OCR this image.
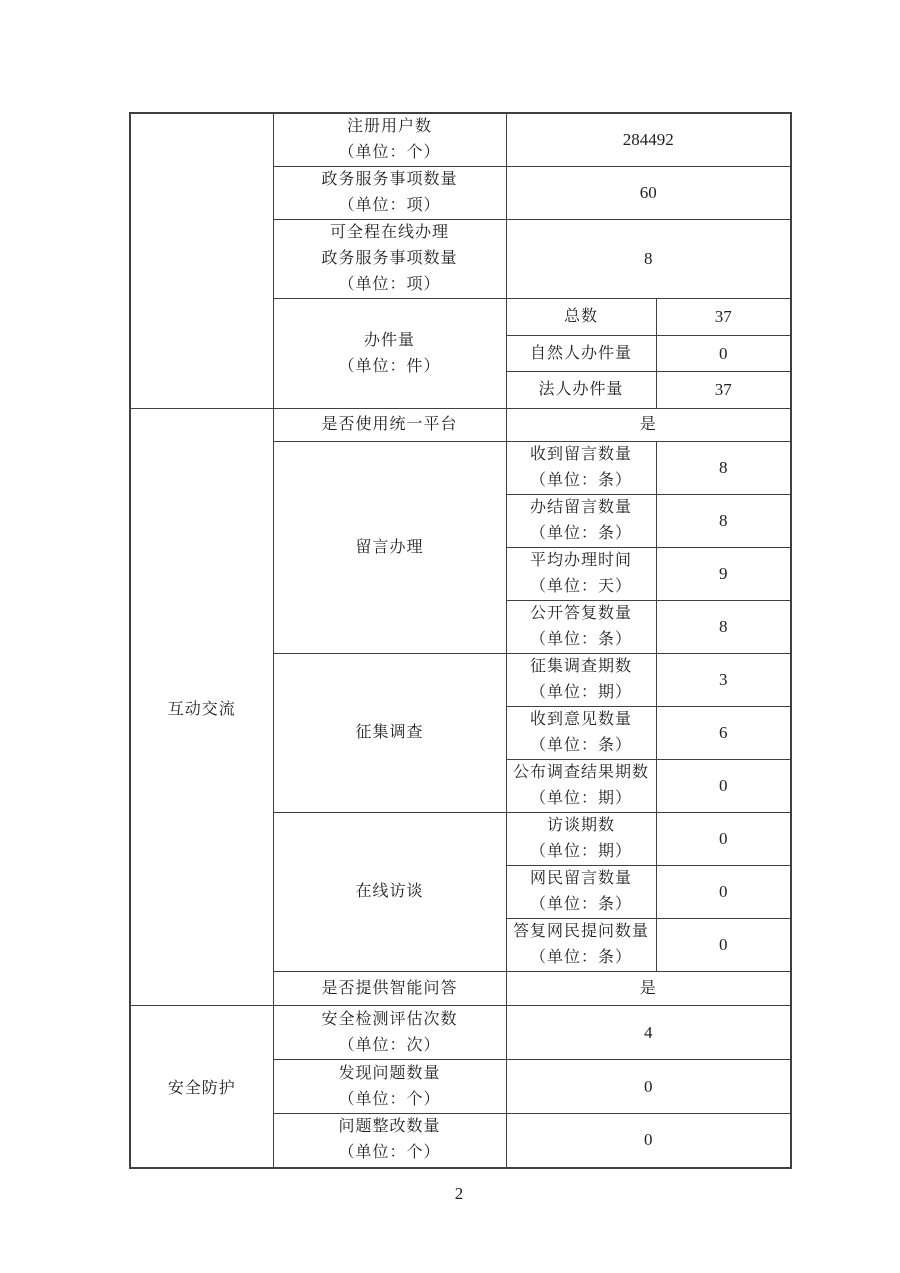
	注册用户数
（单位：个）	284492	

	政务服务事项数量
（单位：项）	60	

	可全程在线办理
政务服务事项数量
（单位：项）	8	

	办件量
（单位：件）	总数	37
		自然人办件量	0
		法人办件量	37
互动交流	是否使用统一平台	是	
	留言办理	收到留言数量
（单位：条）	8

		办结留言数量
（单位：条）	8

		平均办理时间
（单位：天）	9

		公开答复数量
（单位：条）	8
	征集调查	征集调查期数
（单位：期）	3

		收到意见数量
（单位：条）	6

		公布调查结果期数
（单位：期）	0
	在线访谈	访谈期数
（单位：期）	0

		网民留言数量
（单位：条）	0

		答复网民提问数量
（单位：条）	0
	是否提供智能问答	是	
安全防护	安全检测评估次数
（单位：次）	4	

	发现问题数量
（单位：个）	0	

	问题整改数量
（单位：个）	0	
2
